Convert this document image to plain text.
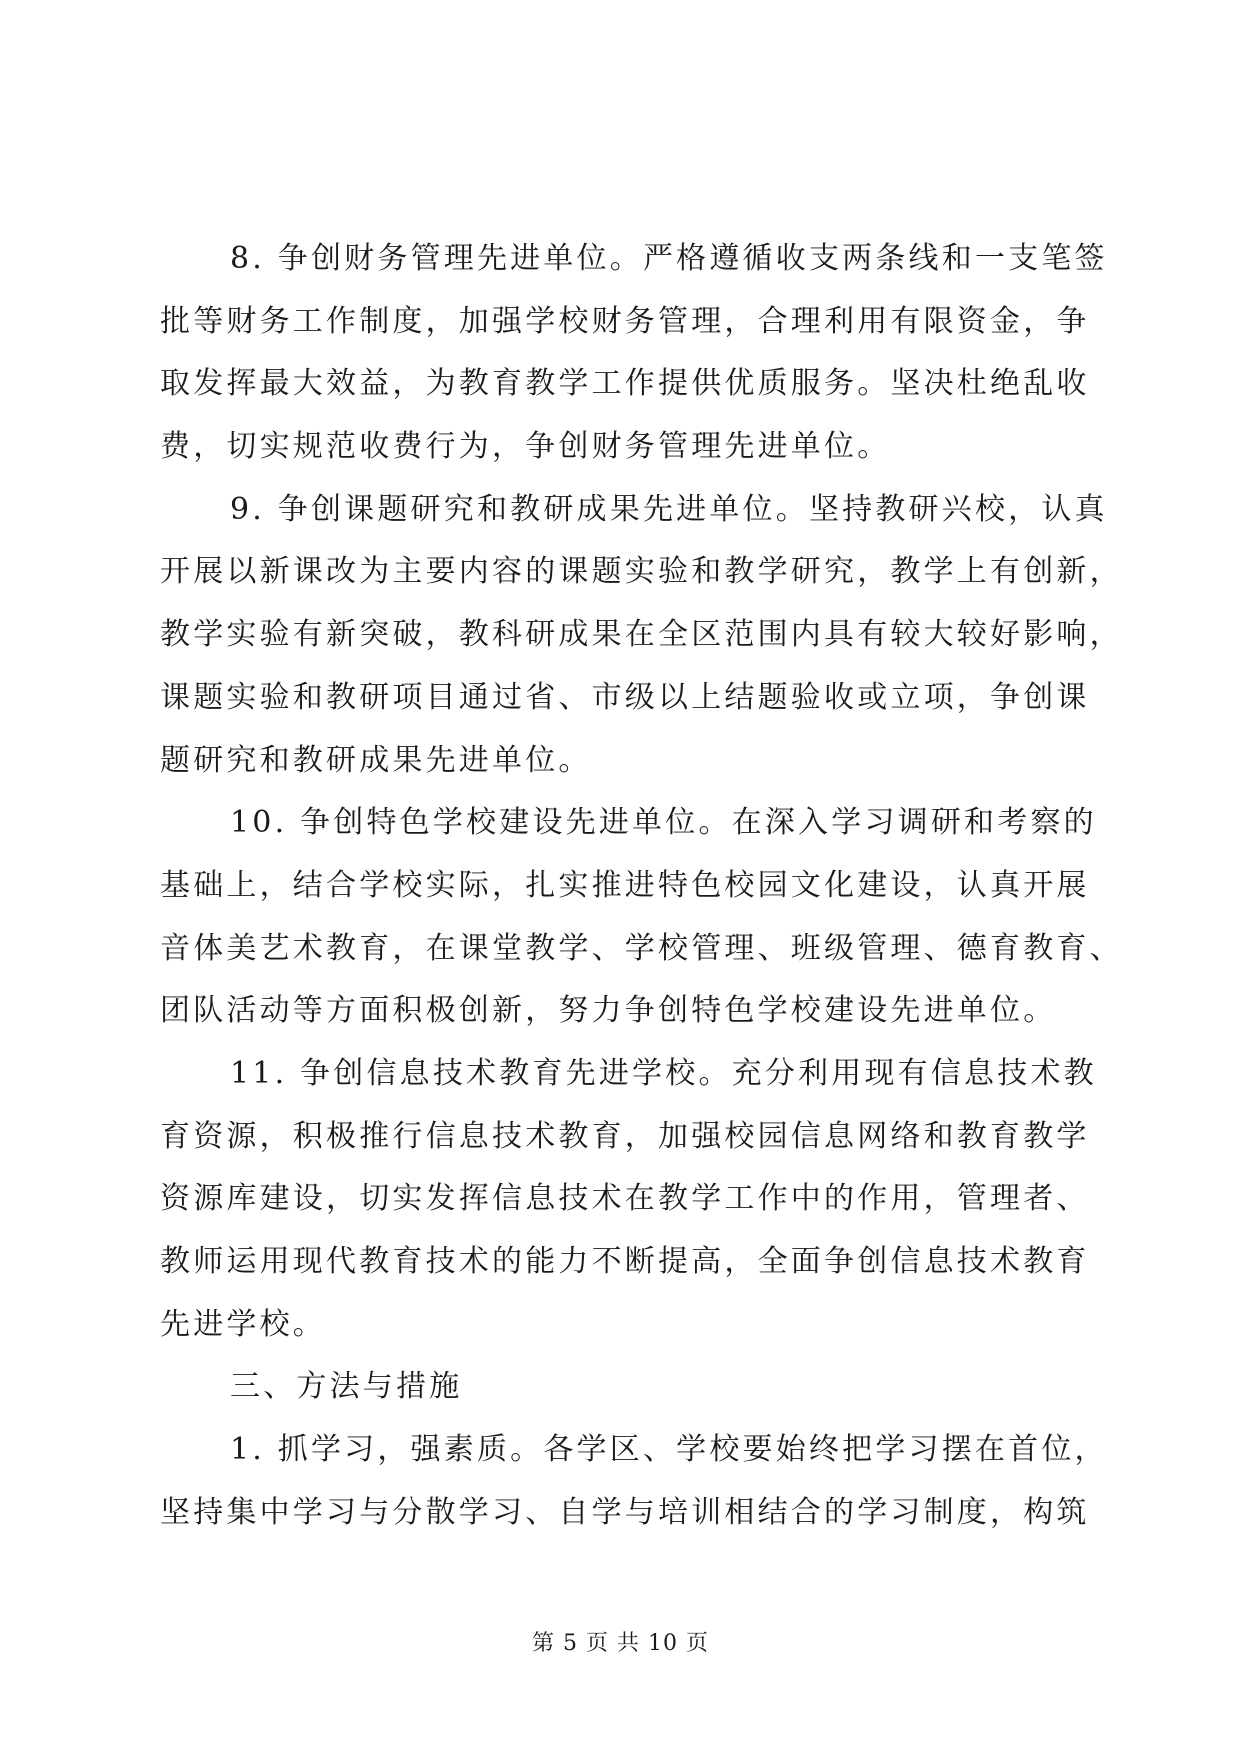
8. 争创财务管理先进单位。严格遵循收支两条线和一支笔签
批等财务工作制度，加强学校财务管理，合理利用有限资金，争
取发挥最大效益，为教育教学工作提供优质服务。坚决杜绝乱收
费，切实规范收费行为，争创财务管理先进单位。
9. 争创课题研究和教研成果先进单位。坚持教研兴校，认真
开展以新课改为主要内容的课题实验和教学研究，教学上有创新，
教学实验有新突破，教科研成果在全区范围内具有较大较好影响，
课题实验和教研项目通过省、市级以上结题验收或立项，争创课
题研究和教研成果先进单位。
10. 争创特色学校建设先进单位。在深入学习调研和考察的
基础上，结合学校实际，扎实推进特色校园文化建设，认真开展
音体美艺术教育，在课堂教学、学校管理、班级管理、德育教育、
团队活动等方面积极创新，努力争创特色学校建设先进单位。
11. 争创信息技术教育先进学校。充分利用现有信息技术教
育资源，积极推行信息技术教育，加强校园信息网络和教育教学
资源库建设，切实发挥信息技术在教学工作中的作用，管理者、
教师运用现代教育技术的能力不断提高，全面争创信息技术教育
先进学校。
三、方法与措施
1. 抓学习，强素质。各学区、学校要始终把学习摆在首位，
坚持集中学习与分散学习、自学与培训相结合的学习制度，构筑
第 5 页 共 10 页
